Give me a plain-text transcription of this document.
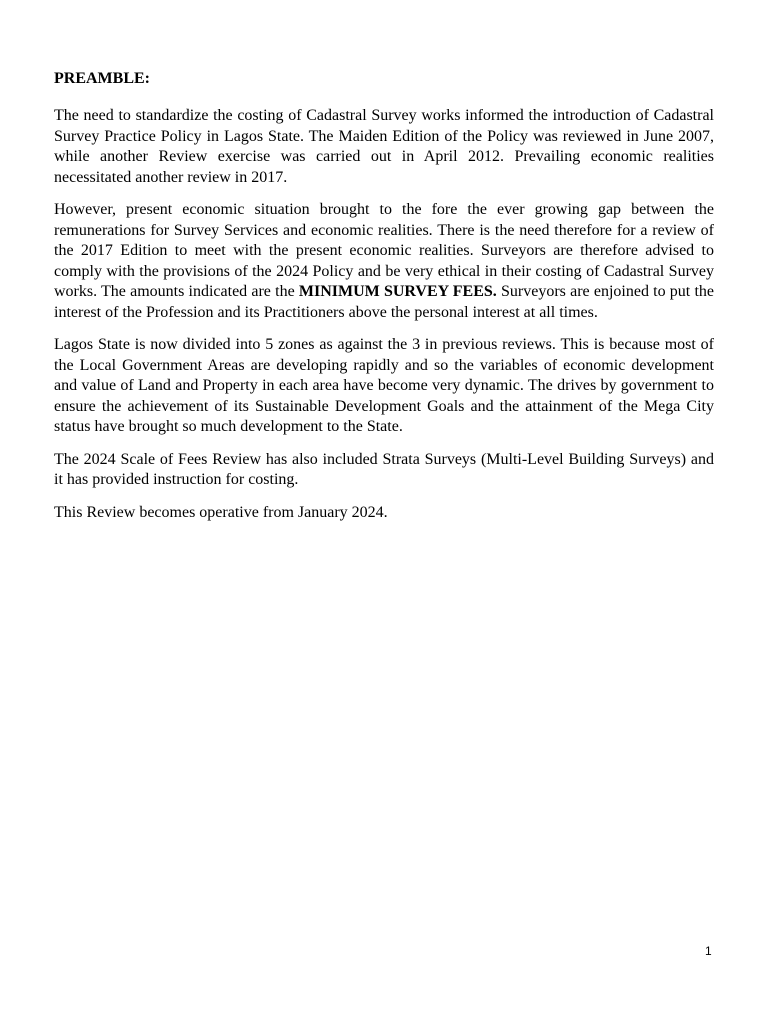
PREAMBLE:

The need to standardize the costing of Cadastral Survey works informed the introduction of Cadastral Survey Practice Policy in Lagos State. The Maiden Edition of the Policy was reviewed in June 2007, while another Review exercise was carried out in April 2012. Prevailing economic realities necessitated another review in 2017.

However, present economic situation brought to the fore the ever growing gap between the remunerations for Survey Services and economic realities. There is the need therefore for a review of the 2017 Edition to meet with the present economic realities. Surveyors are therefore advised to comply with the provisions of the 2024 Policy and be very ethical in their costing of Cadastral Survey works. The amounts indicated are the MINIMUM SURVEY FEES. Surveyors are enjoined to put the interest of the Profession and its Practitioners above the personal interest at all times.

Lagos State is now divided into 5 zones as against the 3 in previous reviews. This is because most of the Local Government Areas are developing rapidly and so the variables of economic development and value of Land and Property in each area have become very dynamic. The drives by government to ensure the achievement of its Sustainable Development Goals and the attainment of the Mega City status have brought so much development to the State.

The 2024 Scale of Fees Review has also included Strata Surveys (Multi-Level Building Surveys) and it has provided instruction for costing.

This Review becomes operative from January 2024.

1
